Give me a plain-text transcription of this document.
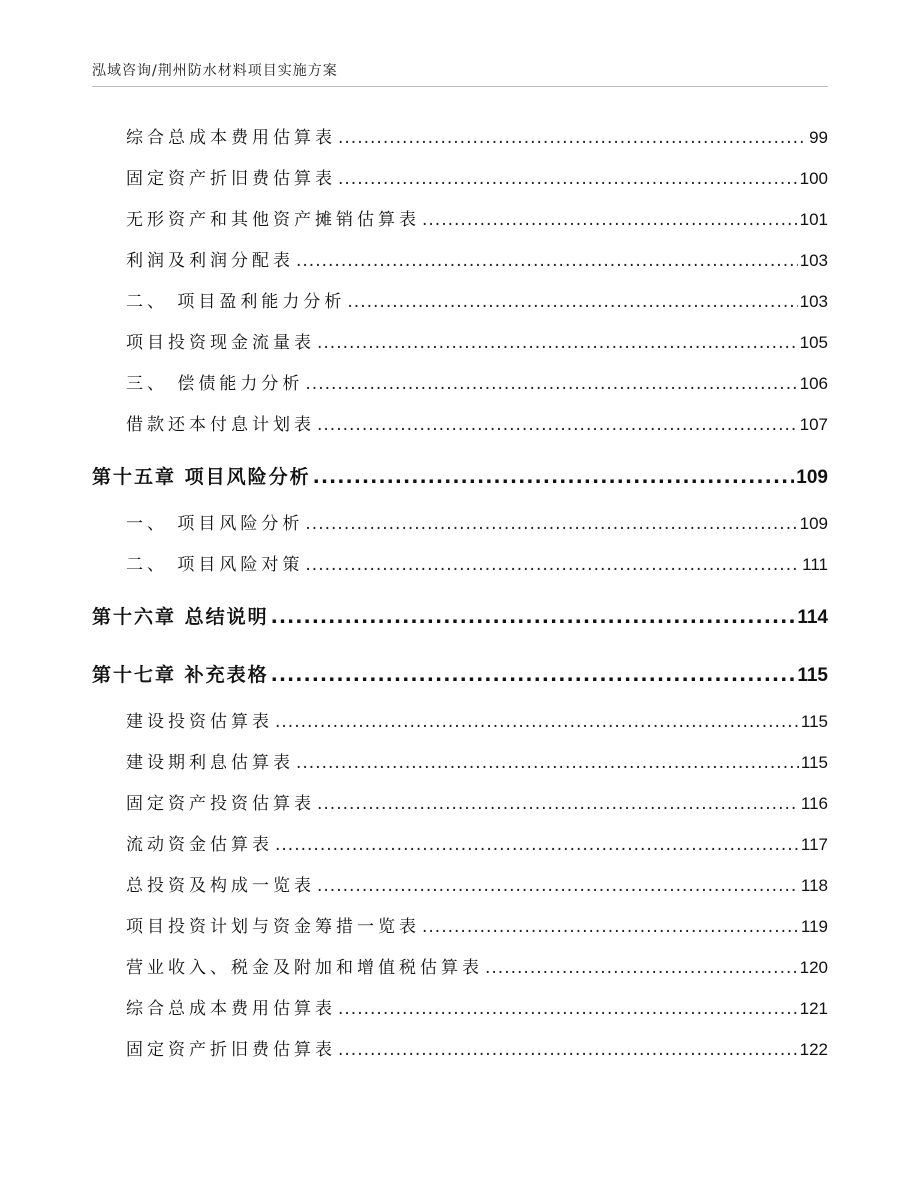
泓域咨询/荆州防水材料项目实施方案
综合总成本费用估算表 .....	99
固定资产折旧费估算表 .....	100
无形资产和其他资产摊销估算表 .....	101
利润及利润分配表 .....	103
二、 项目盈利能力分析 .....	103
项目投资现金流量表 .....	105
三、 偿债能力分析 .....	106
借款还本付息计划表 .....	107
第十五章 项目风险分析 .....	109
一、 项目风险分析 .....	109
二、 项目风险对策 .....	111
第十六章 总结说明 .....	114
第十七章 补充表格 .....	115
建设投资估算表 .....	115
建设期利息估算表 .....	115
固定资产投资估算表 .....	116
流动资金估算表 .....	117
总投资及构成一览表 .....	118
项目投资计划与资金筹措一览表 .....	119
营业收入、税金及附加和增值税估算表 .....	120
综合总成本费用估算表 .....	121
固定资产折旧费估算表 .....	122
